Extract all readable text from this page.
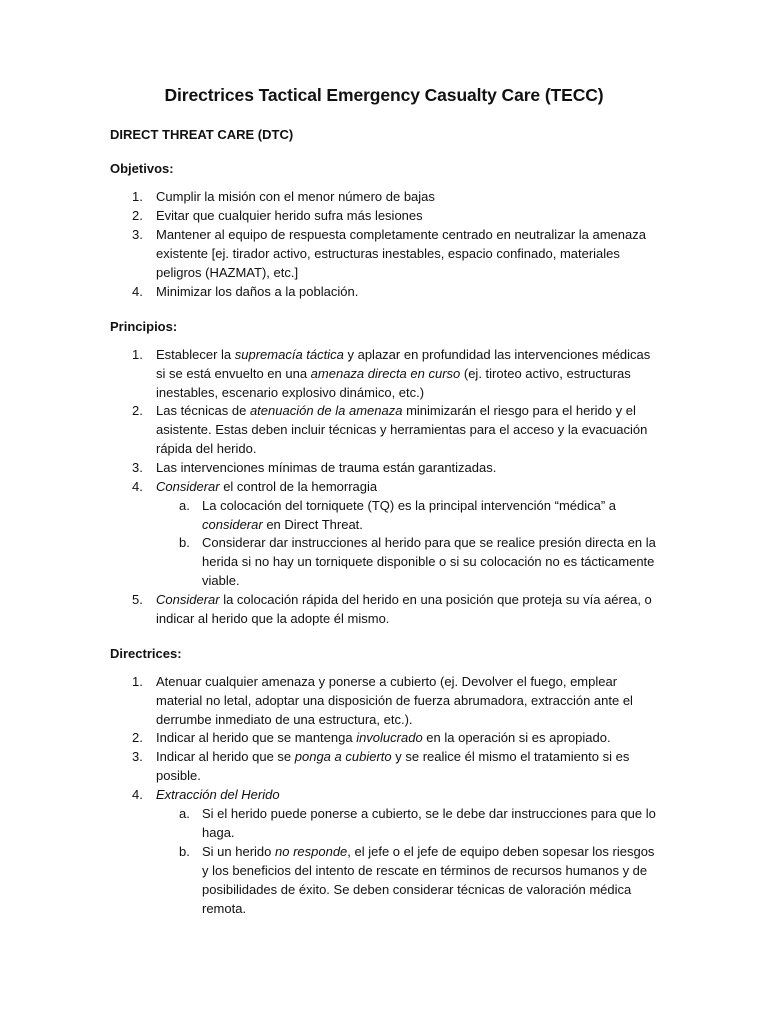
Directrices Tactical Emergency Casualty Care (TECC)
DIRECT THREAT CARE (DTC)
Objetivos:
1. Cumplir la misión con el menor número de bajas
2. Evitar que cualquier herido sufra más lesiones
3. Mantener al equipo de respuesta completamente centrado en neutralizar la amenaza
existente [ej. tirador activo, estructuras inestables, espacio confinado, materiales
peligros (HAZMAT), etc.]
4. Minimizar los daños a la población.
Principios:
1. Establecer la supremacía táctica y aplazar en profundidad las intervenciones médicas
si se está envuelto en una amenaza directa en curso (ej. tiroteo activo, estructuras
inestables, escenario explosivo dinámico, etc.)
2. Las técnicas de atenuación de la amenaza minimizarán el riesgo para el herido y el
asistente. Estas deben incluir técnicas y herramientas para el acceso y la evacuación
rápida del herido.
3. Las intervenciones mínimas de trauma están garantizadas.
4. Considerar el control de la hemorragia
a. La colocación del torniquete (TQ) es la principal intervención “médica” a
considerar en Direct Threat.
b. Considerar dar instrucciones al herido para que se realice presión directa en la
herida si no hay un torniquete disponible o si su colocación no es tácticamente
viable.
5. Considerar la colocación rápida del herido en una posición que proteja su vía aérea, o
indicar al herido que la adopte él mismo.
Directrices:
1. Atenuar cualquier amenaza y ponerse a cubierto (ej. Devolver el fuego, emplear
material no letal, adoptar una disposición de fuerza abrumadora, extracción ante el
derrumbe inmediato de una estructura, etc.).
2. Indicar al herido que se mantenga involucrado en la operación si es apropiado.
3. Indicar al herido que se ponga a cubierto y se realice él mismo el tratamiento si es
posible.
4. Extracción del Herido
a. Si el herido puede ponerse a cubierto, se le debe dar instrucciones para que lo
haga.
b. Si un herido no responde, el jefe o el jefe de equipo deben sopesar los riesgos
y los beneficios del intento de rescate en términos de recursos humanos y de
posibilidades de éxito. Se deben considerar técnicas de valoración médica
remota.
